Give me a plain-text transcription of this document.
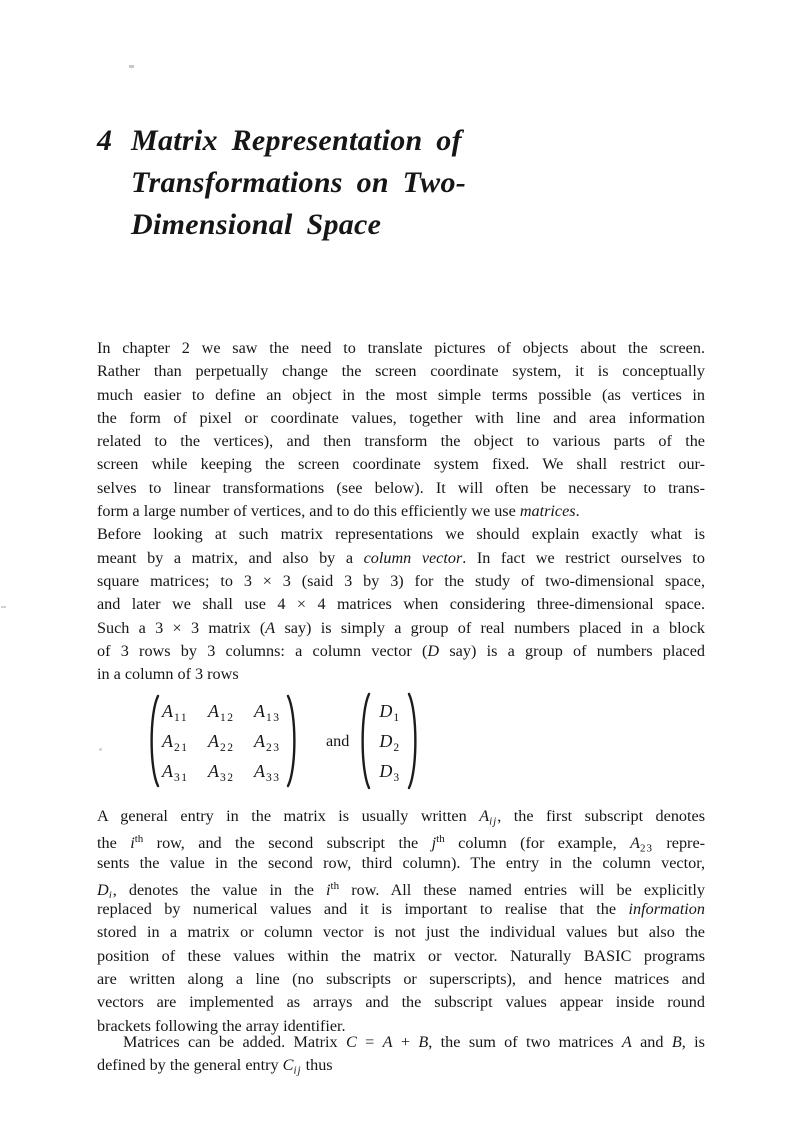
4 Matrix Representation of
Transformations on Two-
Dimensional Space
In chapter 2 we saw the need to translate pictures of objects about the screen.
Rather than perpetually change the screen coordinate system, it is conceptually
much easier to define an object in the most simple terms possible (as vertices in
the form of pixel or coordinate values, together with line and area information
related to the vertices), and then transform the object to various parts of the
screen while keeping the screen coordinate system fixed. We shall restrict our-
selves to linear transformations (see below). It will often be necessary to trans-
form a large number of vertices, and to do this efficiently we use matrices.
Before looking at such matrix representations we should explain exactly what is
meant by a matrix, and also by a column vector. In fact we restrict ourselves to
square matrices; to 3 × 3 (said 3 by 3) for the study of two-dimensional space,
and later we shall use 4 × 4 matrices when considering three-dimensional space.
Such a 3 × 3 matrix (A say) is simply a group of real numbers placed in a block
of 3 rows by 3 columns: a column vector (D say) is a group of numbers placed
in a column of 3 rows
$A_{11}$	$A_{12}$	$A_{13}$
$A_{21}$	$A_{22}$	$A_{23}$
$A_{31}$	$A_{32}$	$A_{33}$
and
$D_1$
$D_2$
$D_3$
A general entry in the matrix is usually written $A_{ij}$, the first subscript denotes
the $i^{th}$ row, and the second subscript the $j^{th}$ column (for example, $A_{23}$ repre-
sents the value in the second row, third column). The entry in the column vector,
$D_i$, denotes the value in the $i^{th}$ row. All these named entries will be explicitly
replaced by numerical values and it is important to realise that the information
stored in a matrix or column vector is not just the individual values but also the
position of these values within the matrix or vector. Naturally BASIC programs
are written along a line (no subscripts or superscripts), and hence matrices and
vectors are implemented as arrays and the subscript values appear inside round
brackets following the array identifier.
Matrices can be added. Matrix C = A + B, the sum of two matrices A and B, is
defined by the general entry $C_{ij}$ thus
